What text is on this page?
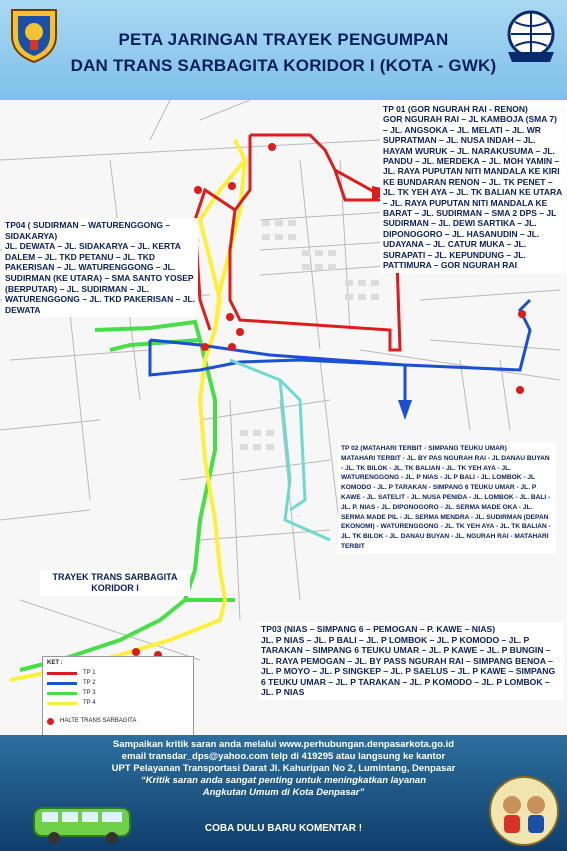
PETA JARINGAN TRAYEK PENGUMPAN
DAN TRANS SARBAGITA KORIDOR I (KOTA - GWK)
TP 01 (GOR NGURAH RAI - RENON)
GOR NGURAH RAI – JL KAMBOJA (SMA 7) – JL. ANGSOKA – JL. MELATI – JL. WR SUPRATMAN – JL. NUSA INDAH – JL. HAYAM WURUK – JL. NARAKUSUMA – JL. PANDU – JL. MERDEKA – JL. MOH YAMIN – JL. RAYA PUPUTAN NITI MANDALA KE KIRI KE BUNDARAN RENON – JL. TK PENET – JL. TK YEH AYA – JL. TK BALIAN KE UTARA – JL. RAYA PUPUTAN NITI MANDALA KE BARAT – JL. SUDIRMAN – SMA 2 DPS – JL SUDIRMAN – JL. DEWI SARTIKA – JL. DIPONOGORO – JL. HASANUDIN – JL. UDAYANA – JL. CATUR MUKA – JL. SURAPATI – JL. KEPUNDUNG – JL. PATTIMURA – GOR NGURAH RAI
TP04 ( SUDIRMAN – WATURENGGONG – SIDAKARYA)
JL. DEWATA – JL. SIDAKARYA – JL. KERTA DALEM – JL. TKD PETANU – JL. TKD PAKERISAN – JL. WATURENGGONG – JL. SUDIRMAN (KE UTARA) – SMA SANTO YOSEP (BERPUTAR) – JL. SUDIRMAN – JL. WATURENGGONG – JL. TKD PAKERISAN – JL. DEWATA
TP 02 (MATAHARI TERBIT - SIMPANG TEUKU UMAR)
MATAHARI TERBIT - JL. BY PAS NGURAH RAI - JL DANAU BUYAN - JL. TK BILOK - JL. TK BALIAN - JL. TK YEH AYA - JL. WATURENGGONG - JL. P NIAS - JL P BALI - JL. LOMBOK - JL KOMODO - JL. P TARAKAN - SIMPANG 6 TEUKU UMAR - JL. P KAWE - JL. SATELIT - JL. NUSA PENIDA - JL. LOMBOK - JL. BALI - JL. P. NIAS - JL. DIPONOGORO - JL. SERMA MADE OKA - JL. SERMA MADE PIL - JL. SERMA MENDRA - JL. SUDIRMAN (DEPAN EKONOMI) - WATURENGGONG - JL. TK YEH AYA - JL. TK BALIAN - JL. TK BILOK - JL. DANAU BUYAN - JL. NGURAH RAI - MATAHARI TERBIT
TRAYEK TRANS SARBAGITA KORIDOR I
TP03 (NIAS – SIMPANG 6 – PEMOGAN – P. KAWE – NIAS)
JL. P NIAS – JL. P BALI – JL. P LOMBOK – JL. P KOMODO – JL. P TARAKAN – SIMPANG 6 TEUKU UMAR – JL. P KAWE – JL. P BUNGIN – JL. RAYA PEMOGAN – JL. BY PASS NGURAH RAI – SIMPANG BENOA – JL. P MOYO – JL. P SINGKEP – JL. P SAELUS – JL. P KAWE – SIMPANG 6 TEUKU UMAR – JL. P TARAKAN – JL. P KOMODO – JL. P LOMBOK – JL. P NIAS
KET :
TP 1
TP 2
TP 3
TP 4
HALTE TRANS SARBAGITA
Sampaikan kritik saran anda melalui www.perhubungan.denpasarkota.go.id
email transdar_dps@yahoo.com telp di 419295 atau langsung ke kantor
UPT Pelayanan Transportasi Darat Jl. Kahuripan No 2, Lumintang, Denpasar
“Kritik saran anda sangat penting untuk meningkatkan layanan
Angkutan Umum di Kota Denpasar”
COBA DULU BARU KOMENTAR !
